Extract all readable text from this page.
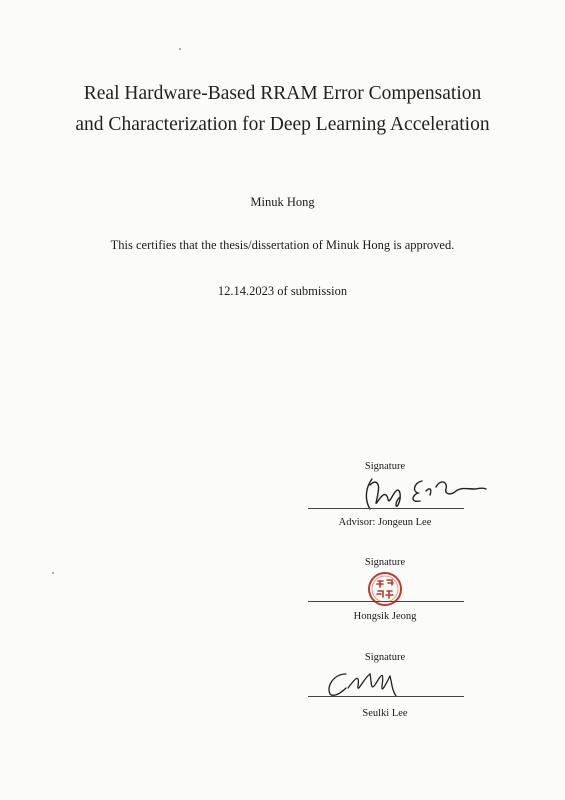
Real Hardware-Based RRAM Error Compensation
and Characterization for Deep Learning Acceleration
Minuk Hong
This certifies that the thesis/dissertation of Minuk Hong is approved.
12.14.2023 of submission
Signature
Advisor: Jongeun Lee
Signature
Hongsik Jeong
Signature
Seulki Lee
